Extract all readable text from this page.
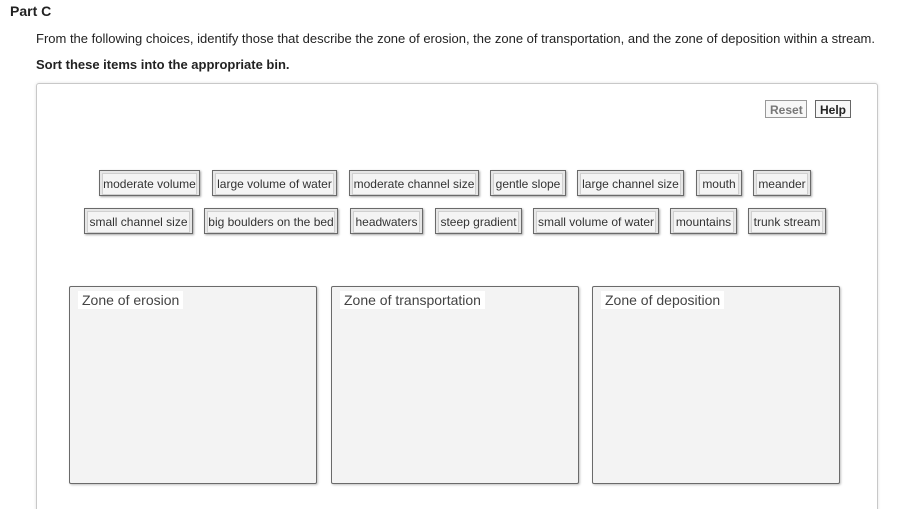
Part C
From the following choices, identify those that describe the zone of erosion, the zone of transportation, and the zone of deposition within a stream.
Sort these items into the appropriate bin.
Reset	Help
moderate volume large volume of water moderate channel size gentle slope large channel size mouth meander
small channel size big boulders on the bed headwaters steep gradient small volume of water mountains trunk stream
Zone of erosion	Zone of transportation	Zone of deposition
